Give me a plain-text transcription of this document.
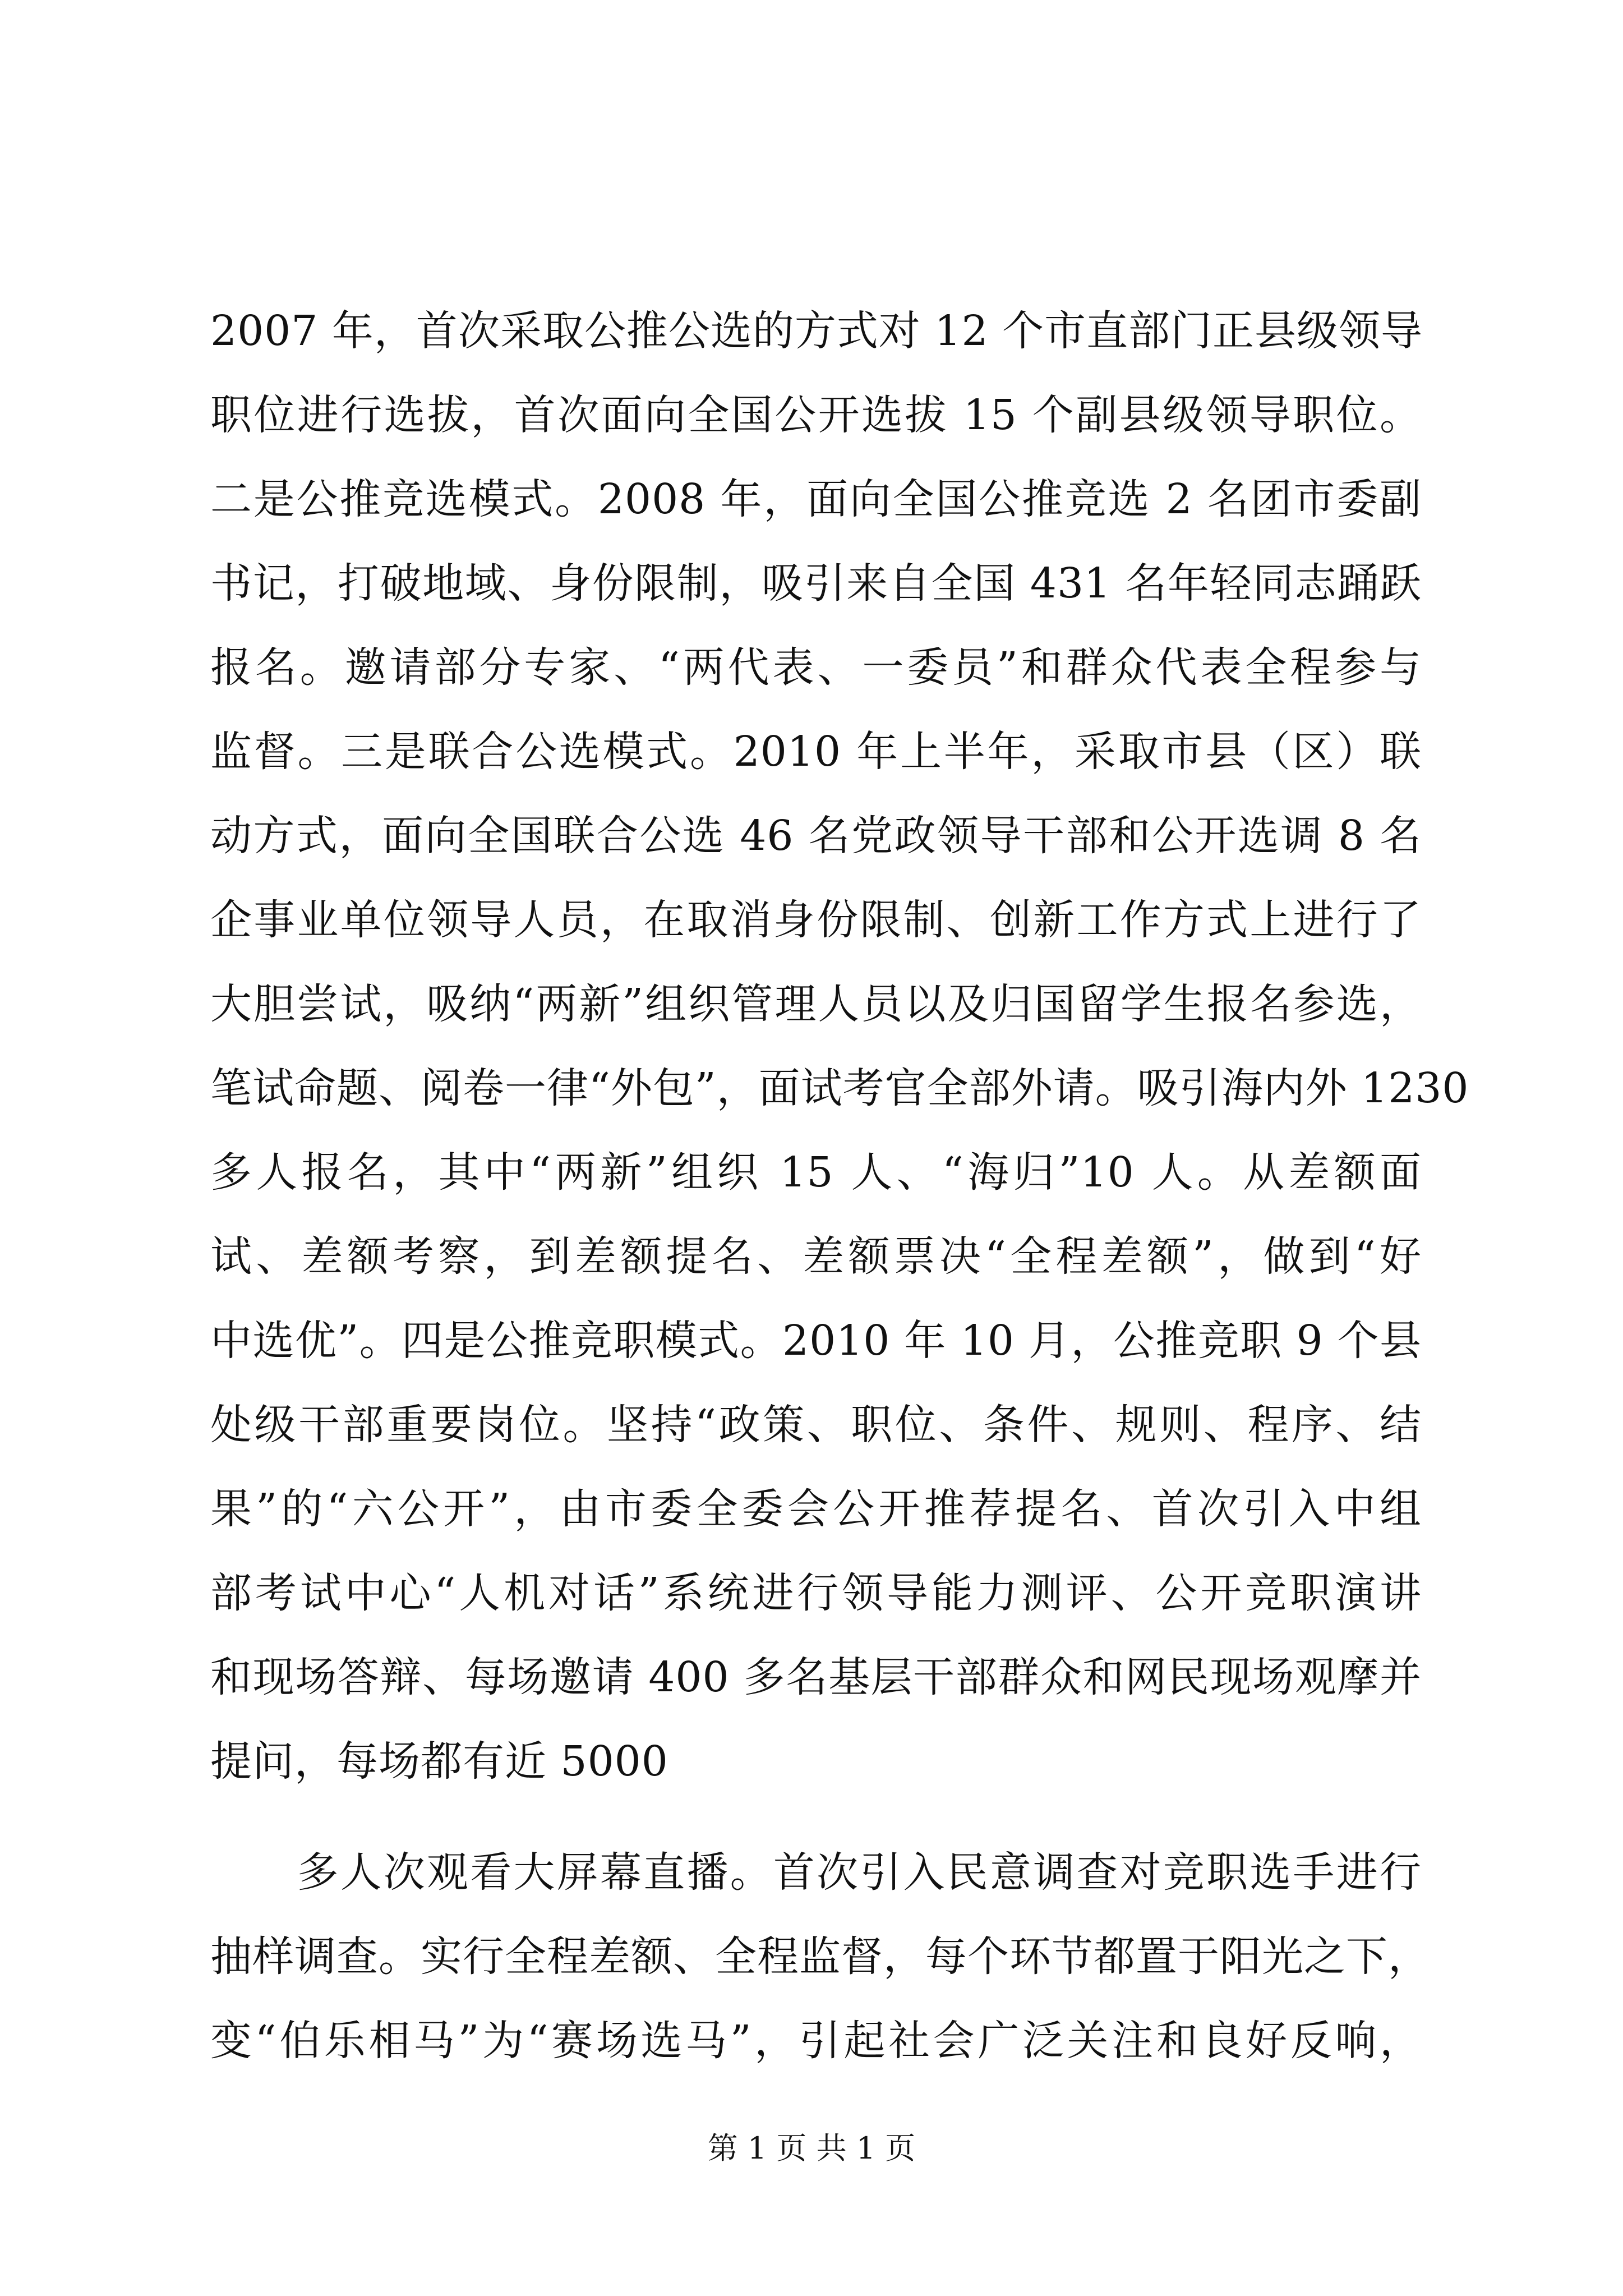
2007 年，首次采取公推公选的方式对 12 个市直部门正县级领导
职位进行选拔，首次面向全国公开选拔 15 个副县级领导职位。
二是公推竞选模式。2008 年，面向全国公推竞选 2 名团市委副
书记，打破地域、身份限制，吸引来自全国 431 名年轻同志踊跃
报名。邀请部分专家、“两代表、一委员”和群众代表全程参与
监督。三是联合公选模式。2010 年上半年，采取市县（区）联
动方式，面向全国联合公选 46 名党政领导干部和公开选调 8 名
企事业单位领导人员，在取消身份限制、创新工作方式上进行了
大胆尝试，吸纳“两新”组织管理人员以及归国留学生报名参选，
笔试命题、阅卷一律“外包”，面试考官全部外请。吸引海内外 1230
多人报名，其中“两新”组织 15 人、“海归”10 人。从差额面
试、差额考察，到差额提名、差额票决“全程差额”，做到“好
中选优”。四是公推竞职模式。2010 年 10 月，公推竞职 9 个县
处级干部重要岗位。坚持“政策、职位、条件、规则、程序、结
果”的“六公开”，由市委全委会公开推荐提名、首次引入中组
部考试中心“人机对话”系统进行领导能力测评、公开竞职演讲
和现场答辩、每场邀请 400 多名基层干部群众和网民现场观摩并
提问，每场都有近 5000
　　多人次观看大屏幕直播。首次引入民意调查对竞职选手进行
抽样调查。实行全程差额、全程监督，每个环节都置于阳光之下，
变“伯乐相马”为“赛场选马”，引起社会广泛关注和良好反响，
第 1 页 共 1 页
